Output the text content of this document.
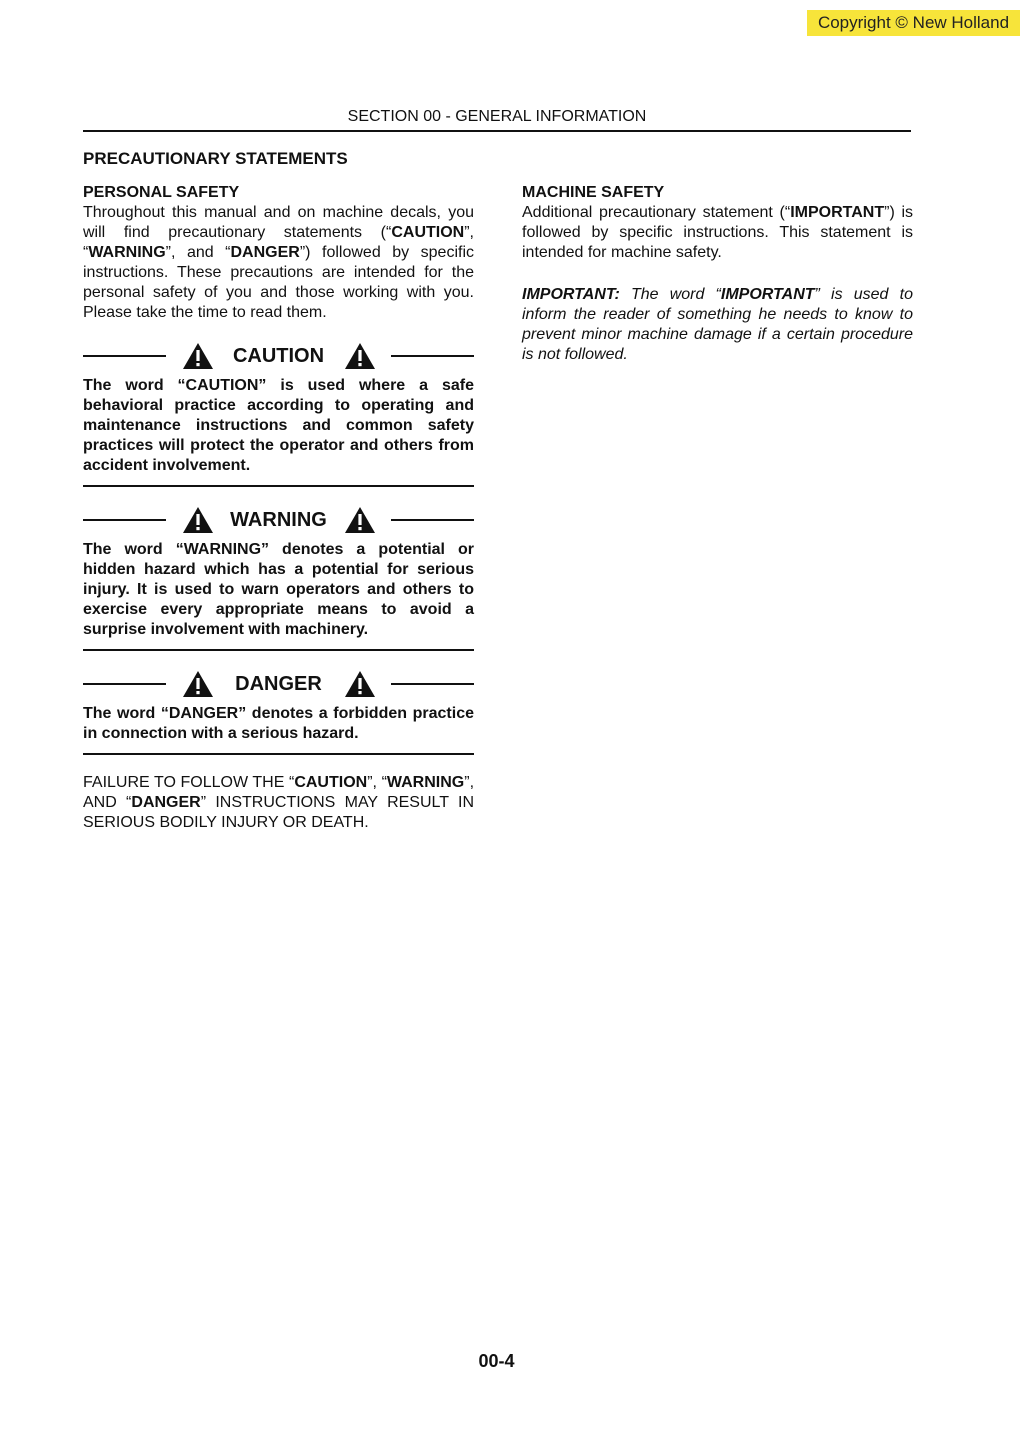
Copyright © New Holland
SECTION 00 - GENERAL INFORMATION
PRECAUTIONARY STATEMENTS

PERSONAL SAFETY

Throughout this manual and on machine decals, you will find precautionary statements (“CAUTION”, “WARNING”, and “DANGER”) followed by specific instructions. These precautions are intended for the personal safety of you and those working with you. Please take the time to read them.

CAUTION

The word “CAUTION” is used where a safe behavioral practice according to operating and maintenance instructions and common safety practices will protect the operator and others from accident involvement.

WARNING

The word “WARNING” denotes a potential or hidden hazard which has a potential for serious injury. It is used to warn operators and others to exercise every appropriate means to avoid a surprise involvement with machinery.

DANGER

The word “DANGER” denotes a forbidden practice in connection with a serious hazard.

FAILURE TO FOLLOW THE “CAUTION”, “WARNING”, AND “DANGER” INSTRUCTIONS MAY RESULT IN SERIOUS BODILY INJURY OR DEATH.

MACHINE SAFETY

Additional precautionary statement (“IMPORTANT”) is followed by specific instructions. This statement is intended for machine safety.

IMPORTANT: The word “IMPORTANT” is used to inform the reader of something he needs to know to prevent minor machine damage if a certain procedure is not followed.

00-4
